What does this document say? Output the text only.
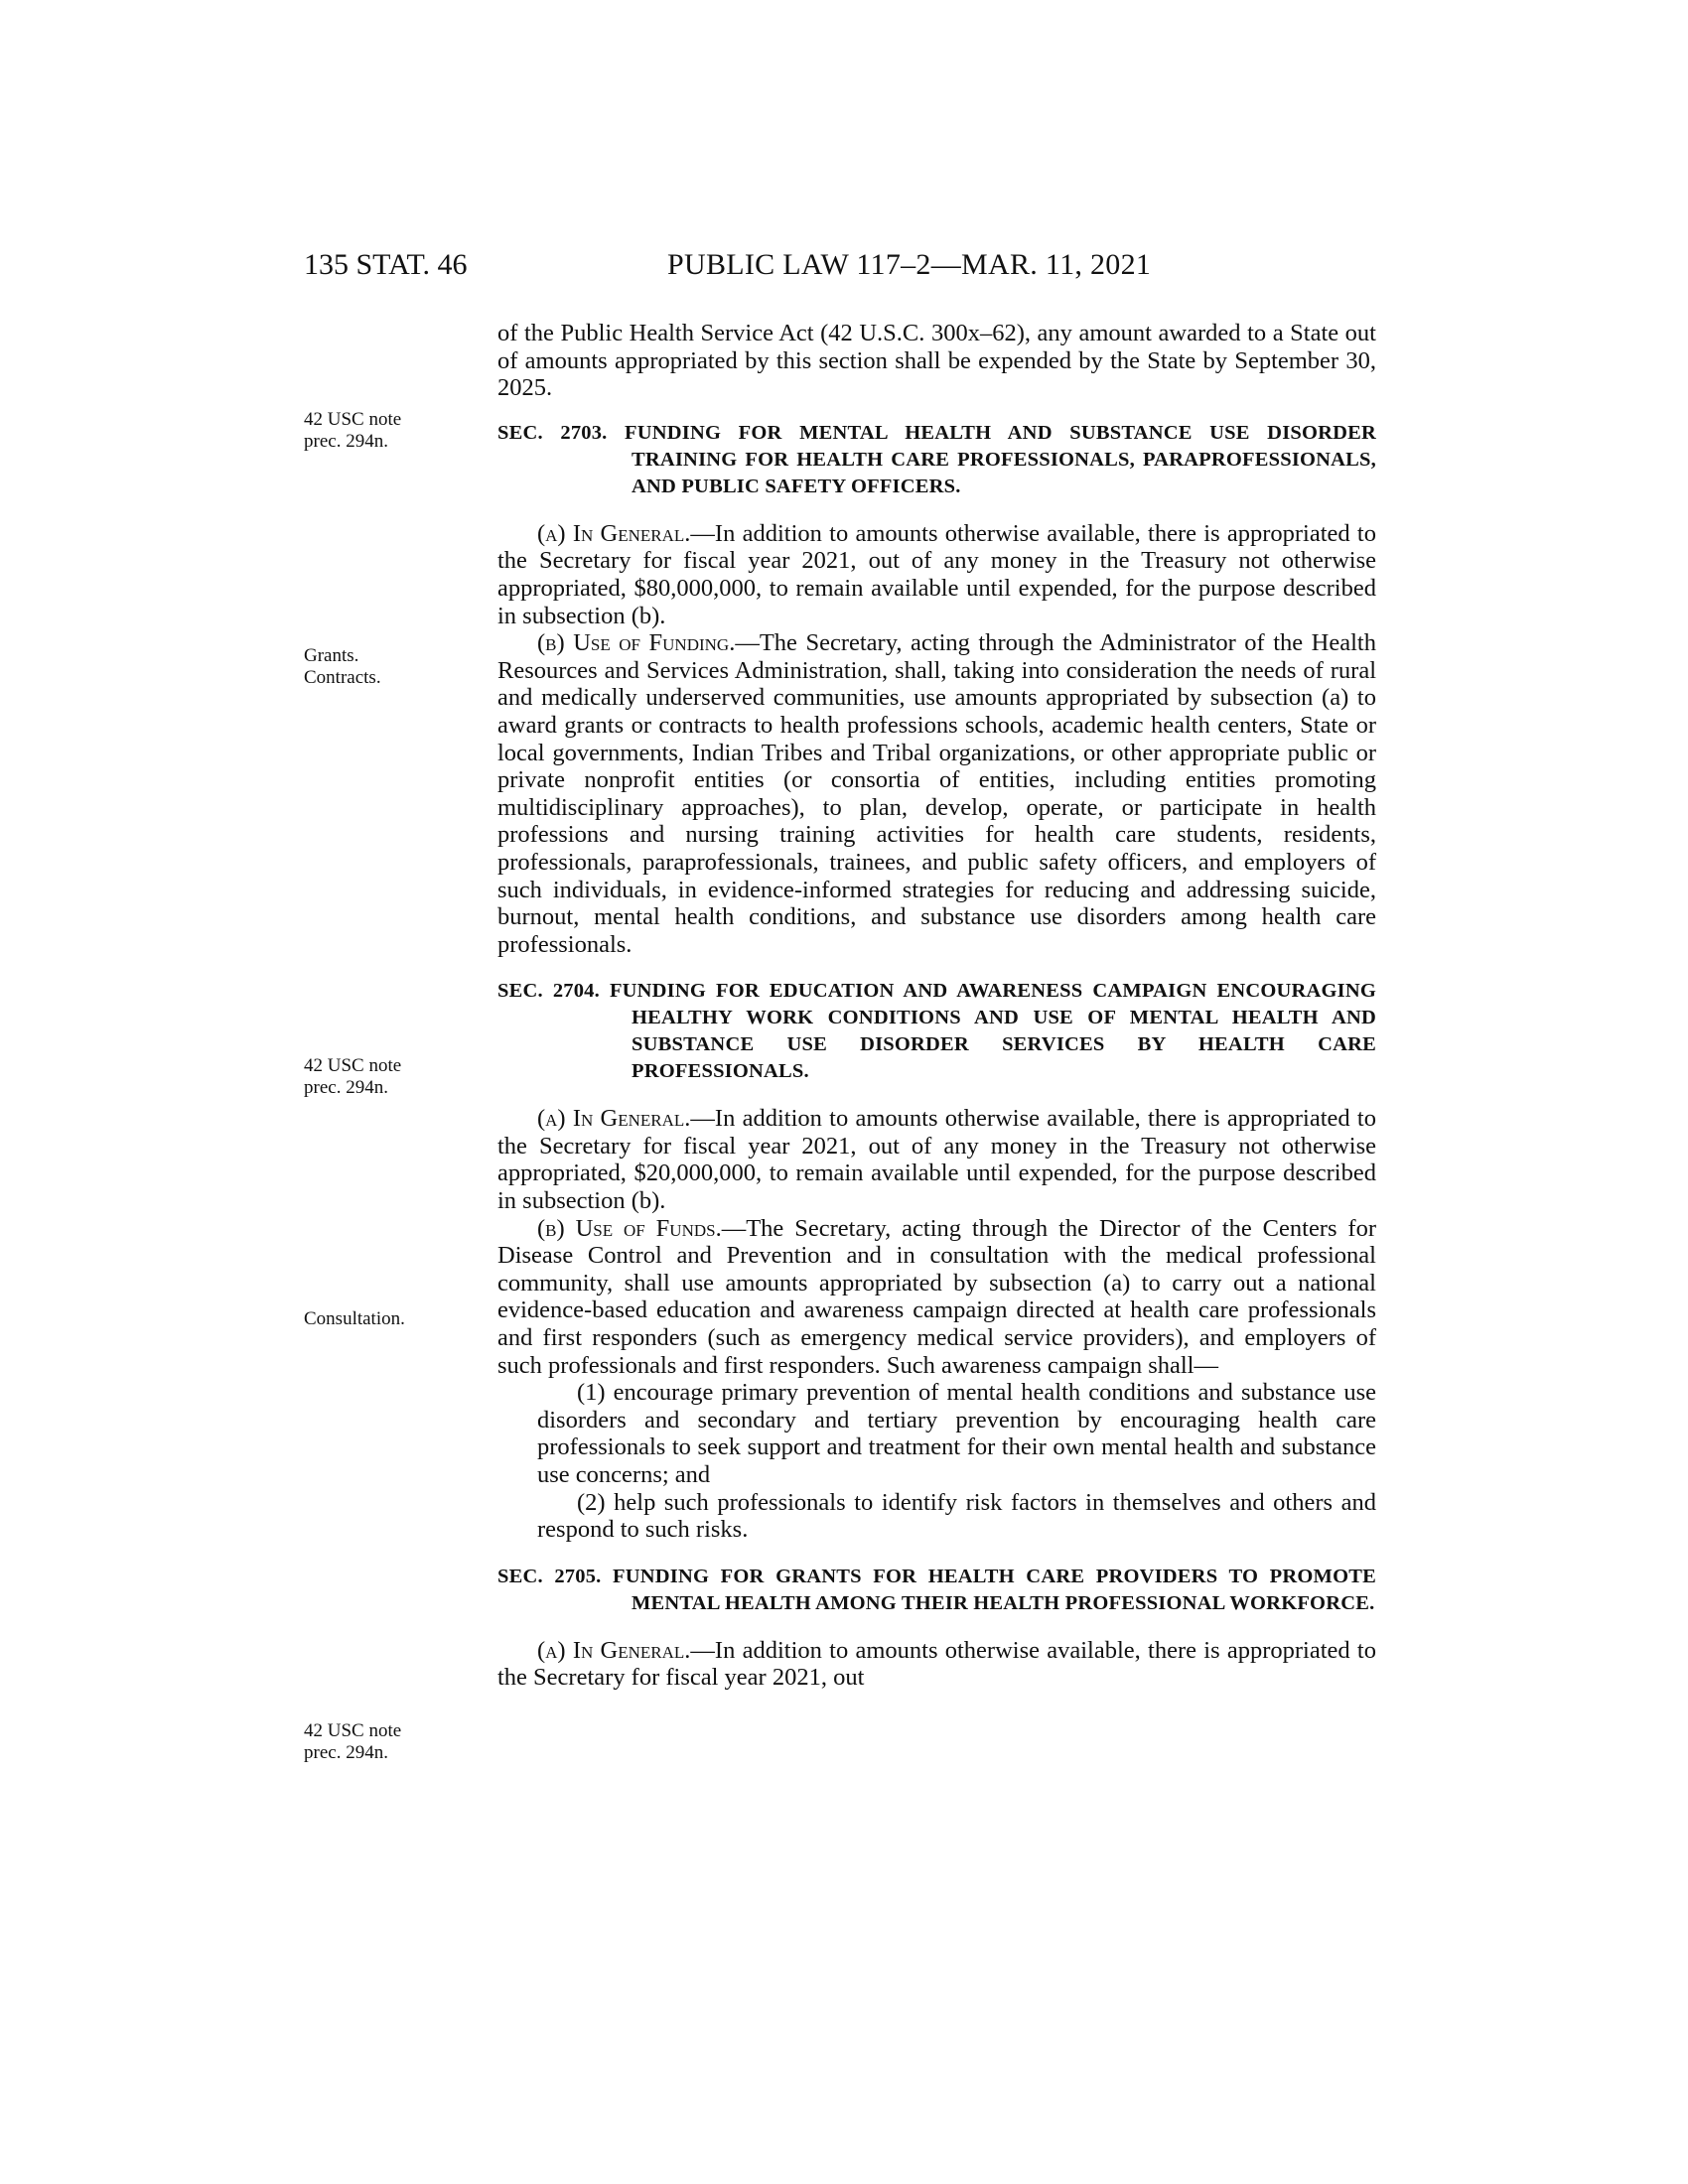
135 STAT. 46	PUBLIC LAW 117–2—MAR. 11, 2021
42 USC note
prec. 294n.
Grants.
Contracts.
42 USC note
prec. 294n.
Consultation.
42 USC note
prec. 294n.

of the Public Health Service Act (42 U.S.C. 300x–62), any amount awarded to a State out of amounts appropriated by this section shall be expended by the State by September 30, 2025.

SEC. 2703. FUNDING FOR MENTAL HEALTH AND SUBSTANCE USE DISORDER TRAINING FOR HEALTH CARE PROFESSIONALS, PARAPROFESSIONALS, AND PUBLIC SAFETY OFFICERS.

(a) In General.—In addition to amounts otherwise available, there is appropriated to the Secretary for fiscal year 2021, out of any money in the Treasury not otherwise appropriated, $80,000,000, to remain available until expended, for the purpose described in subsection (b).

(b) Use of Funding.—The Secretary, acting through the Administrator of the Health Resources and Services Administration, shall, taking into consideration the needs of rural and medically underserved communities, use amounts appropriated by subsection (a) to award grants or contracts to health professions schools, academic health centers, State or local governments, Indian Tribes and Tribal organizations, or other appropriate public or private nonprofit entities (or consortia of entities, including entities promoting multidisciplinary approaches), to plan, develop, operate, or participate in health professions and nursing training activities for health care students, residents, professionals, paraprofessionals, trainees, and public safety officers, and employers of such individuals, in evidence-informed strategies for reducing and addressing suicide, burnout, mental health conditions, and substance use disorders among health care professionals.

SEC. 2704. FUNDING FOR EDUCATION AND AWARENESS CAMPAIGN ENCOURAGING HEALTHY WORK CONDITIONS AND USE OF MENTAL HEALTH AND SUBSTANCE USE DISORDER SERVICES BY HEALTH CARE PROFESSIONALS.

(a) In General.—In addition to amounts otherwise available, there is appropriated to the Secretary for fiscal year 2021, out of any money in the Treasury not otherwise appropriated, $20,000,000, to remain available until expended, for the purpose described in subsection (b).

(b) Use of Funds.—The Secretary, acting through the Director of the Centers for Disease Control and Prevention and in consultation with the medical professional community, shall use amounts appropriated by subsection (a) to carry out a national evidence-based education and awareness campaign directed at health care professionals and first responders (such as emergency medical service providers), and employers of such professionals and first responders. Such awareness campaign shall—

(1) encourage primary prevention of mental health conditions and substance use disorders and secondary and tertiary prevention by encouraging health care professionals to seek support and treatment for their own mental health and substance use concerns; and

(2) help such professionals to identify risk factors in themselves and others and respond to such risks.

SEC. 2705. FUNDING FOR GRANTS FOR HEALTH CARE PROVIDERS TO PROMOTE MENTAL HEALTH AMONG THEIR HEALTH PROFESSIONAL WORKFORCE.

(a) In General.—In addition to amounts otherwise available, there is appropriated to the Secretary for fiscal year 2021, out
